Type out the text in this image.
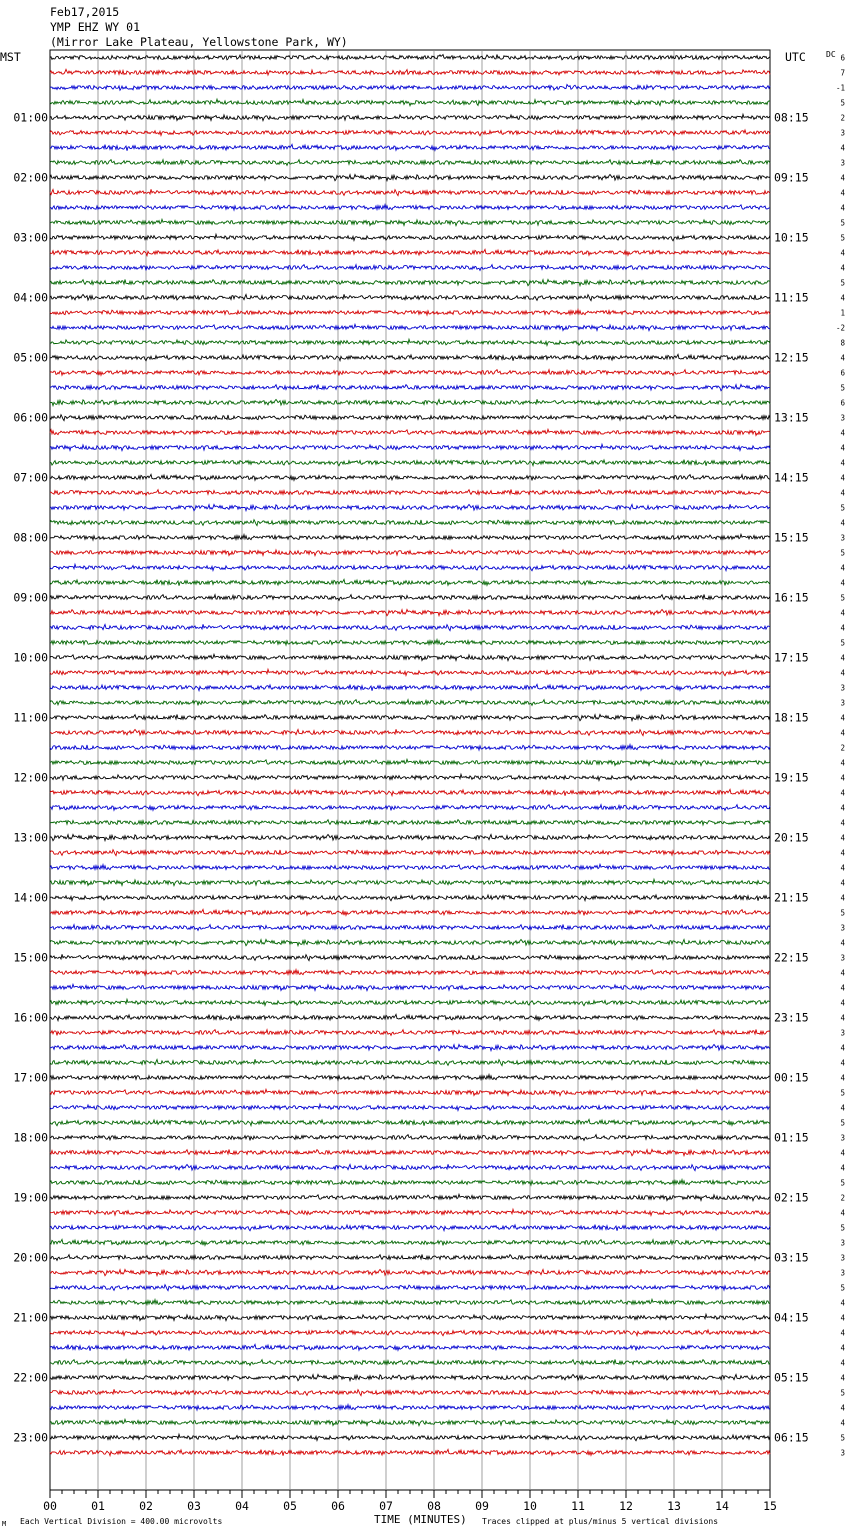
Feb17,2015
YMP EHZ WY 01
(Mirror Lake Plateau, Yellowstone Park, WY)
MST	UTC	DC
01:00
02:00
03:00
04:00
05:00
06:00
07:00
08:00
09:00
10:00
11:00
12:00
13:00
14:00
15:00
16:00
17:00
18:00
19:00
20:00
21:00
22:00
23:00
08:15
09:15
10:15
11:15
12:15
13:15
14:15
15:15
16:15
17:15
18:15
19:15
20:15
21:15
22:15
23:15
00:15
01:15
02:15
03:15
04:15
05:15
06:15
6
7
-1
5
2
3
4
3
4
4
4
5
5
4
4
5
4
1
-2
8
4
6
5
6
3
4
4
4
4
4
5
4
3
5
4
4
5
4
4
5
4
4
3
3
4
4
2
4
4
4
4
4
4
4
4
4
4
5
3
4
3
4
4
4
4
3
4
4
4
5
4
5
3
4
4
5
2
4
5
3
3
3
5
4
4
4
4
4
4
5
4
4
5
3
00	01	02	03	04	05	06	07	08	09	10	11	12	13	14	15
M Each Vertical Division = 400.00 microvolts	TIME (MINUTES) Traces clipped at plus/minus 5 vertical divisions
